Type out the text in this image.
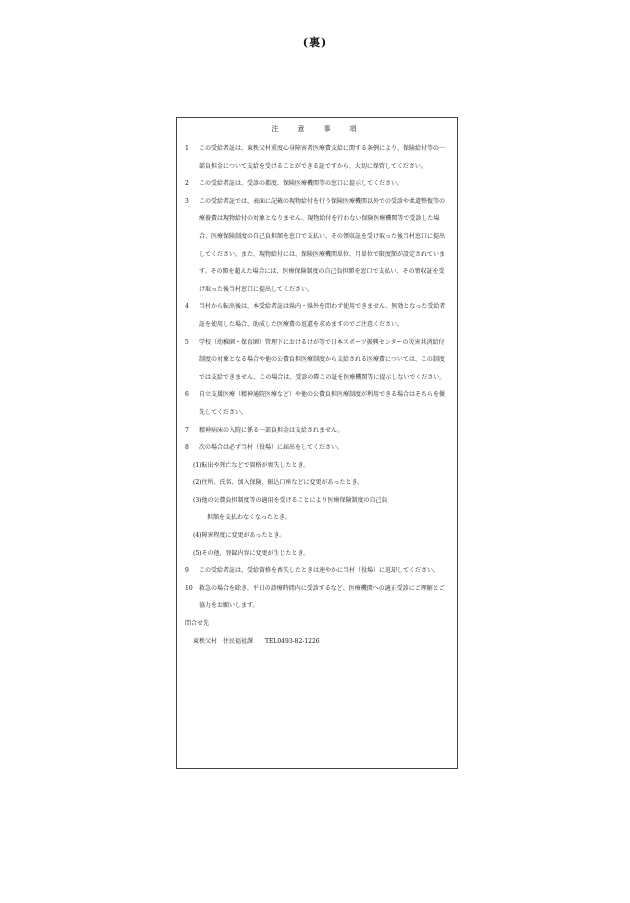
(裏)
注　意　事　項
1	この受給者証は、東秩父村重度心身障害者医療費支給に関する条例により、保険給付等の一部負担金について支給を受けることができる証ですから、大切に保管してください。
2	この受給者証は、受診の都度、保険医療機関等の窓口に提示してください。
3	この受給者証では、表面に記載の現物給付を行う保険医療機関以外での受診や柔道整復等の療養費は現物給付の対象となりません。現物給付を行わない保険医療機関等で受診した場合、医療保険制度の自己負担額を窓口で支払い、その領収証を受け取った後当村窓口に提出してください。また、現物給付には、保険医療機関単位、月単位で限度額が設定されています。その額を超えた場合には、医療保険制度の自己負担額を窓口で支払い、その領収証を受け取った後当村窓口に提出してください。
4	当村から転出後は、本受給者証は県内・県外を問わず使用できません。無効となった受給者証を使用した場合、助成した医療費の返還を求めますのでご注意ください。
5	学校（幼稚園・保育園）管理下におけるけが等で日本スポーツ振興センターの災害共済給付制度の対象となる場合や他の公費負担医療制度から支給される医療費については、この制度では支給できません。この場合は、受診の際この証を医療機関等に提示しないでください。
6	自立支援医療（精神通院医療など）や他の公費負担医療制度が利用できる場合はそちらを優先してください。
7	精神病床の入院に係る一部負担金は支給されません。
8	次の場合は必ず当村（役場）に届出をしてください。
(1)転出や死亡などで資格が喪失したとき。
(2)住所、氏名、加入保険、振込口座などに変更があったとき。
(3)他の公費負担制度等の適用を受けることにより医療保険制度の自己負
担額を支払わなくなったとき。
(4)障害程度に変更があったとき。
(5)その他、登録内容に変更が生じたとき。
9	この受給者証は、受給資格を喪失したときは速やかに当村（役場）に返却してください。
10	救急の場合を除き、平日の診療時間内に受診するなど、医療機関への適正受診にご理解とご協力をお願いします。
問合せ先
東秩父村　住民福祉課　　TEL0493-82-1226
